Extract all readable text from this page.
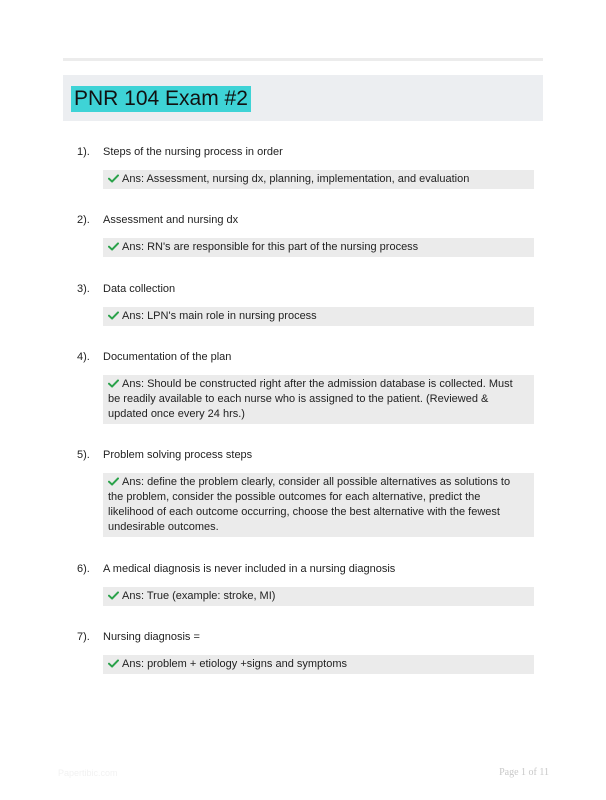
PNR 104 Exam #2
1). Steps of the nursing process in order
Ans: Assessment, nursing dx, planning, implementation, and evaluation
2). Assessment and nursing dx
Ans: RN's are responsible for this part of the nursing process
3). Data collection
Ans: LPN's main role in nursing process
4). Documentation of the plan
Ans: Should be constructed right after the admission database is collected. Must be readily available to each nurse who is assigned to the patient. (Reviewed & updated once every 24 hrs.)
5). Problem solving process steps
Ans: define the problem clearly, consider all possible alternatives as solutions to the problem, consider the possible outcomes for each alternative, predict the likelihood of each outcome occurring, choose the best alternative with the fewest undesirable outcomes.
6). A medical diagnosis is never included in a nursing diagnosis
Ans: True (example: stroke, MI)
7). Nursing diagnosis =
Ans: problem + etiology +signs and symptoms
Papertibic.com	Page 1 of 11
